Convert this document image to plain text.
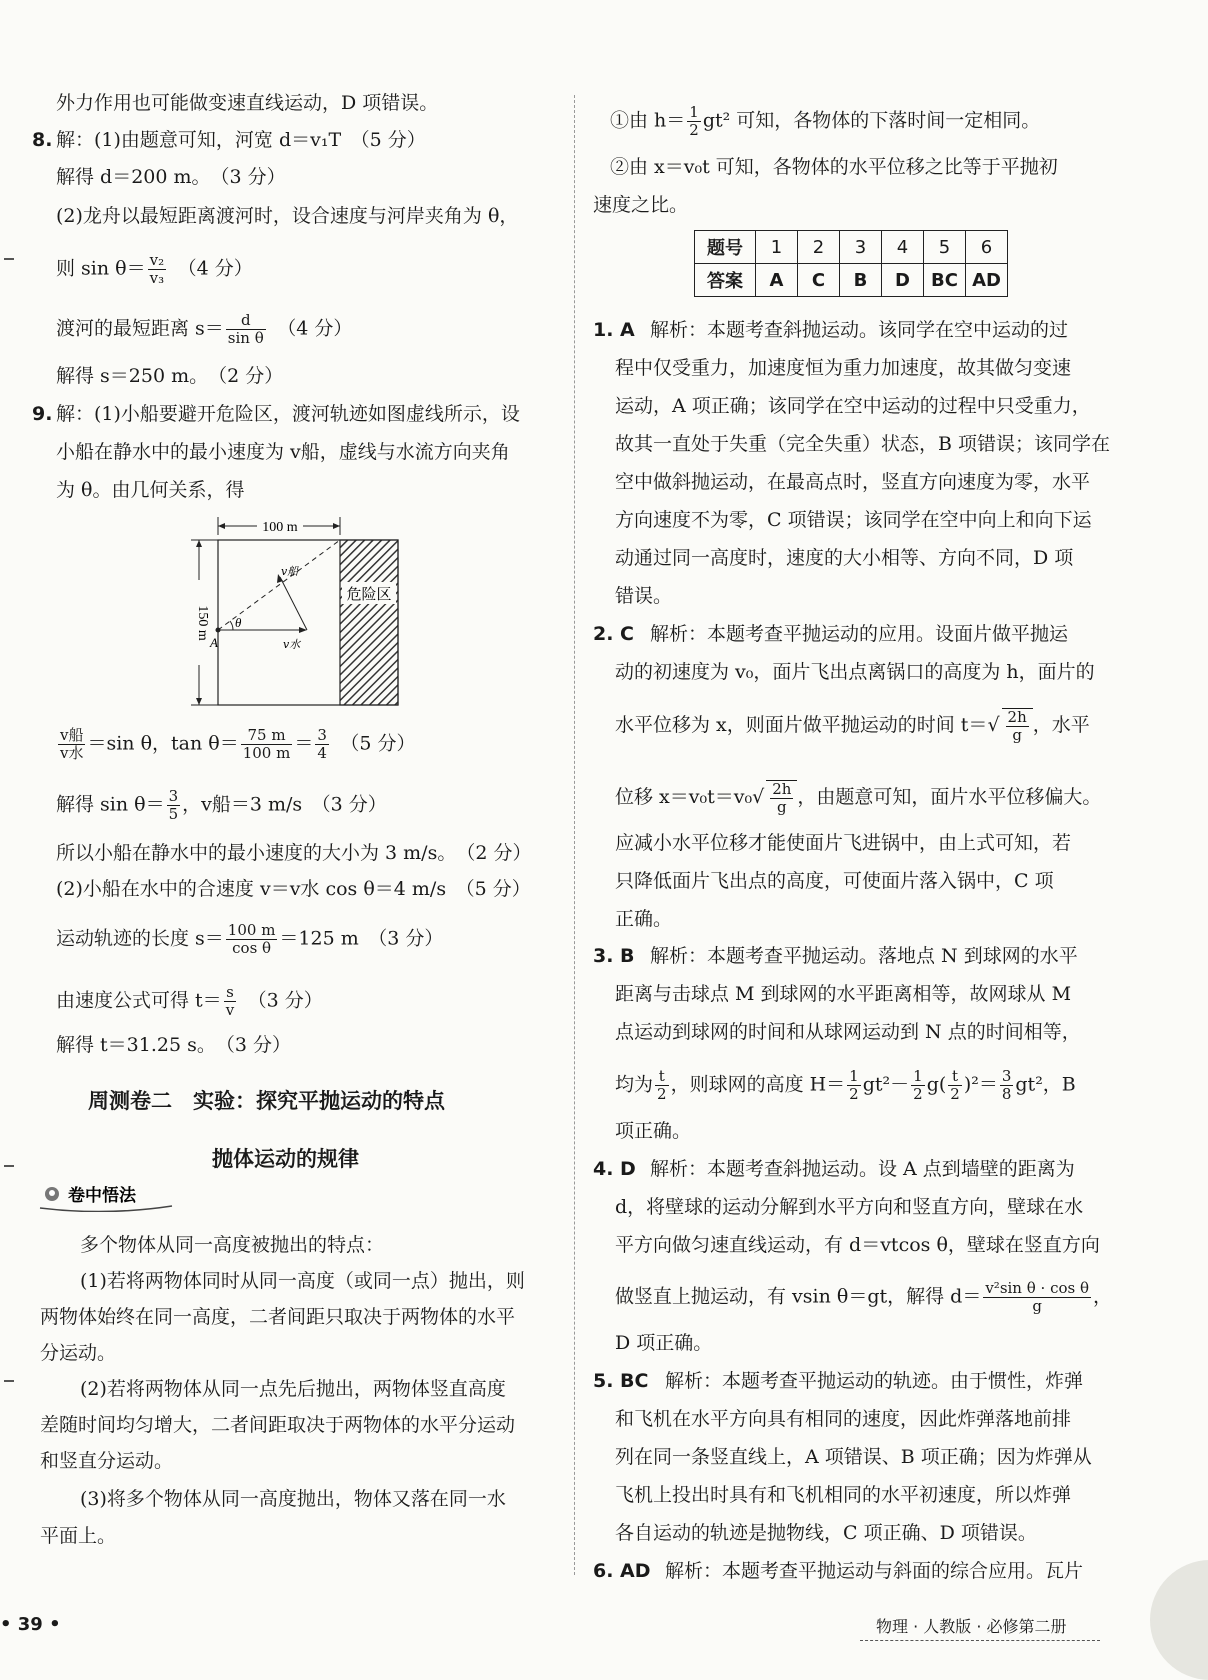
外力作用也可能做变速直线运动，D 项错误。
8. 解：(1)由题意可知，河宽 d＝v₁T　（5 分）
解得 d＝200 m。　（3 分）
(2)龙舟以最短距离渡河时，设合速度与河岸夹角为 θ，
则 $\sin \theta= \frac{\text{v₂}}{\text{v₃}}$ 　（4 分）
渡河的最短距离 $s= \frac{d}{\text{sin θ}}$ 　（4 分）
解得 s＝250 m。　（2 分）
9. 解：(1)小船要避开危险区，渡河轨迹如图虚线所示，设
小船在静水中的最小速度为 v船，虚线与水流方向夹角
为 θ。由几何关系，得
100 m
危险区
150 m θ
A
v船
v水
$\frac{\text{v船}}{\text{v水}} =\sin$ θ，$\tan \theta= \frac{75 m}{100 m} = \frac{3}{4}$ 　（5 分）
解得 $\sin \theta= \frac{3}{5}$ ，v船＝3 m/s　（3 分）
所以小船在静水中的最小速度的大小为 3 m/s。　（2 分）
(2)小船在水中的合速度 v＝v水 cos θ＝4 m/s　（5 分）
运动轨迹的长度 $s= \frac{100 m}{\text{cos θ}} =125$ m　（3 分）
由速度公式可得 $t= \frac{s}{v}$ 　（3 分）
解得 t＝31.25 s。　（3 分）
周测卷二　实验：探究平抛运动的特点
抛体运动的规律
卷中悟法
多个物体从同一高度被抛出的特点：
(1)若将两物体同时从同一高度（或同一点）抛出，则
两物体始终在同一高度，二者间距只取决于两物体的水平
分运动。
(2)若将两物体从同一点先后抛出，两物体竖直高度
差随时间均匀增大，二者间距取决于两物体的水平分运动
和竖直分运动。
(3)将多个物体从同一高度抛出，物体又落在同一水
平面上。
①由 $h= \frac{1}{2} gt^2$ 可知，各物体的下落时间一定相同。
②由 x＝v₀t 可知，各物体的水平位移之比等于平抛初
速度之比。
题号	1	2	3	4	5	6
答案	A	C	B	D	BC	AD
1. A 解析：本题考查斜抛运动。该同学在空中运动的过
程中仅受重力，加速度恒为重力加速度，故其做匀变速
运动，A 项正确；该同学在空中运动的过程中只受重力，
故其一直处于失重（完全失重）状态，B 项错误；该同学在
空中做斜抛运动，在最高点时，竖直方向速度为零，水平
方向速度不为零，C 项错误；该同学在空中向上和向下运
动通过同一高度时，速度的大小相等、方向不同，D 项
错误。
2. C 解析：本题考查平抛运动的应用。设面片做平抛运
动的初速度为 v₀，面片飞出点离锅口的高度为 h，面片的
水平位移为 x，则面片做平抛运动的时间 $t=√ \frac{2h}{g}$ ，水平
位移 $x=v_0t=v_0√ \frac{2h}{g}$ ，由题意可知，面片水平位移偏大。
应减小水平位移才能使面片飞进锅中，由上式可知，若
只降低面片飞出点的高度，可使面片落入锅中，C 项
正确。
3. B 解析：本题考查平抛运动。落地点 N 到球网的水平
距离与击球点 M 到球网的水平距离相等，故网球从 M
点运动到球网的时间和从球网运动到 N 点的时间相等，
均为 $\frac{t}{2}$ ，则球网的高度 $H= \frac{1}{2} gt^2- \frac{1}{2} g( \frac{t}{2} )^2= \frac{3}{8} gt^2$，B
项正确。
4. D 解析：本题考查斜抛运动。设 A 点到墙壁的距离为
d，将壁球的运动分解到水平方向和竖直方向，壁球在水
平方向做匀速直线运动，有 d＝vtcos θ，壁球在竖直方向
做竖直上抛运动，有 vsin θ＝gt，解得 $d= \frac{\text{v²sin θ · cos θ}}{g}$ ，
D 项正确。
5. BC 解析：本题考查平抛运动的轨迹。由于惯性，炸弹
和飞机在水平方向具有相同的速度，因此炸弹落地前排
列在同一条竖直线上，A 项错误、B 项正确；因为炸弹从
飞机上投出时具有和飞机相同的水平初速度，所以炸弹
各自运动的轨迹是抛物线，C 项正确、D 项错误。
6. AD 解析：本题考查平抛运动与斜面的综合应用。瓦片
• 39 •	物理 · 人教版 · 必修第二册
